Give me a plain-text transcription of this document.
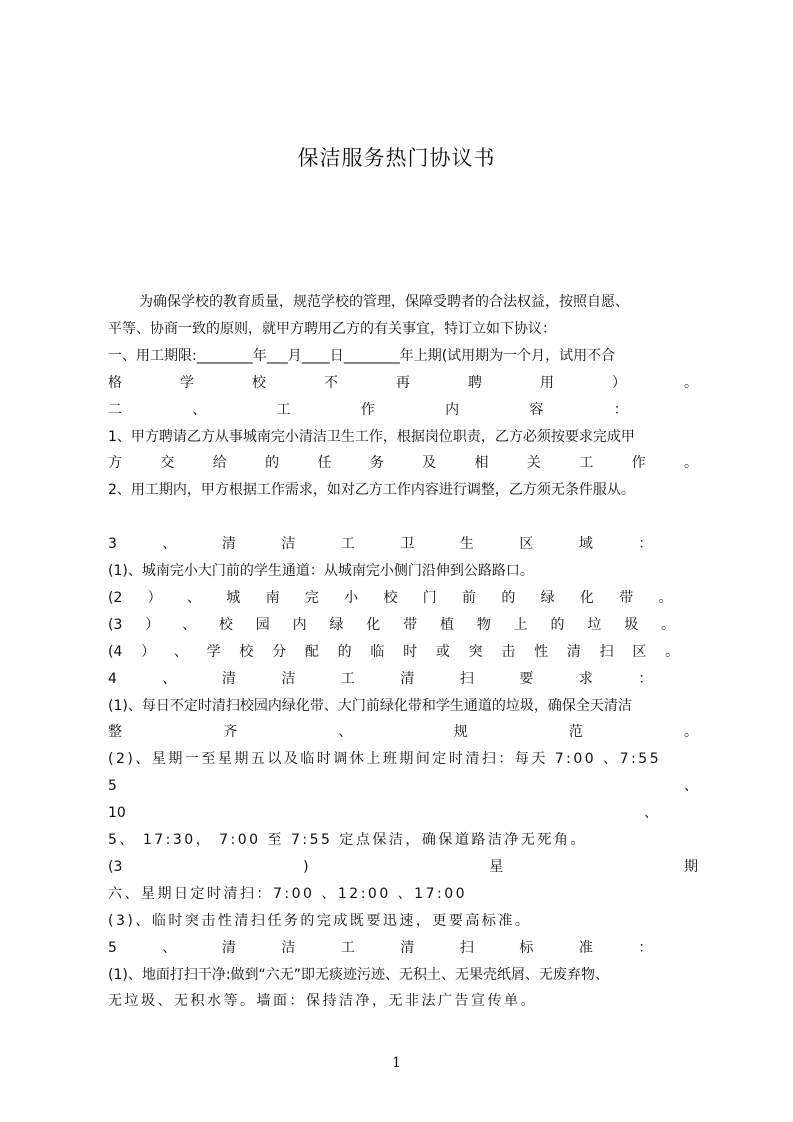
保洁服务热门协议书
为确保学校的教育质量，规范学校的管理，保障受聘者的合法权益，按照自愿、
平等、协商一致的原则，就甲方聘用乙方的有关事宜，特订立如下协议：
一、用工期限:________年___月____日________年上期(试用期为一个月，试用不合
格	学	校	不	再	聘	用	）	。
二	、	工	作	内	容	：
1、甲方聘请乙方从事城南完小清洁卫生工作，根据岗位职责，乙方必须按要求完成甲
方	交	给	的	任	务	及	相	关	工	作	。
2、用工期内，甲方根据工作需求，如对乙方工作内容进行调整，乙方须无条件服从。
3	、	清	洁	工	卫	生	区	域	：
(1)、城南完小大门前的学生通道：从城南完小侧门沿伸到公路路口。
(2 ） 、 城 南 完 小 校 门 前 的 绿 化 带 。
(3 ） 、 校 园 内 绿 化 带 植 物 上 的 垃 圾 。
(4 ） 、 学 校 分 配 的 临 时 或 突 击 性 清 扫 区 。
4	、	清	洁	工	清	扫	要	求	：
(1)、每日不定时清扫校园内绿化带、大门前绿化带和学生通道的垃圾，确保全天清洁
整	齐	、	规	范	。
(2)、星期一至星期五以及临时调休上班期间定时清扫：每天 7:00 、7:55
5	、
10	、
5、 17:30， 7:00 至 7:55 定点保洁，确保道路洁净无死角。
(3	)	星	期
六、星期日定时清扫：7:00 、12:00 、17:00
(3)、临时突击性清扫任务的完成既要迅速，更要高标准。
5	、	清	洁	工	清	扫	标	准	：
(1)、地面打扫干净:做到“六无”即无痰迹污迹、无积土、无果壳纸屑、无废弃物、
无垃圾、无积水等。墙面：保持洁净，无非法广告宣传单。
1
